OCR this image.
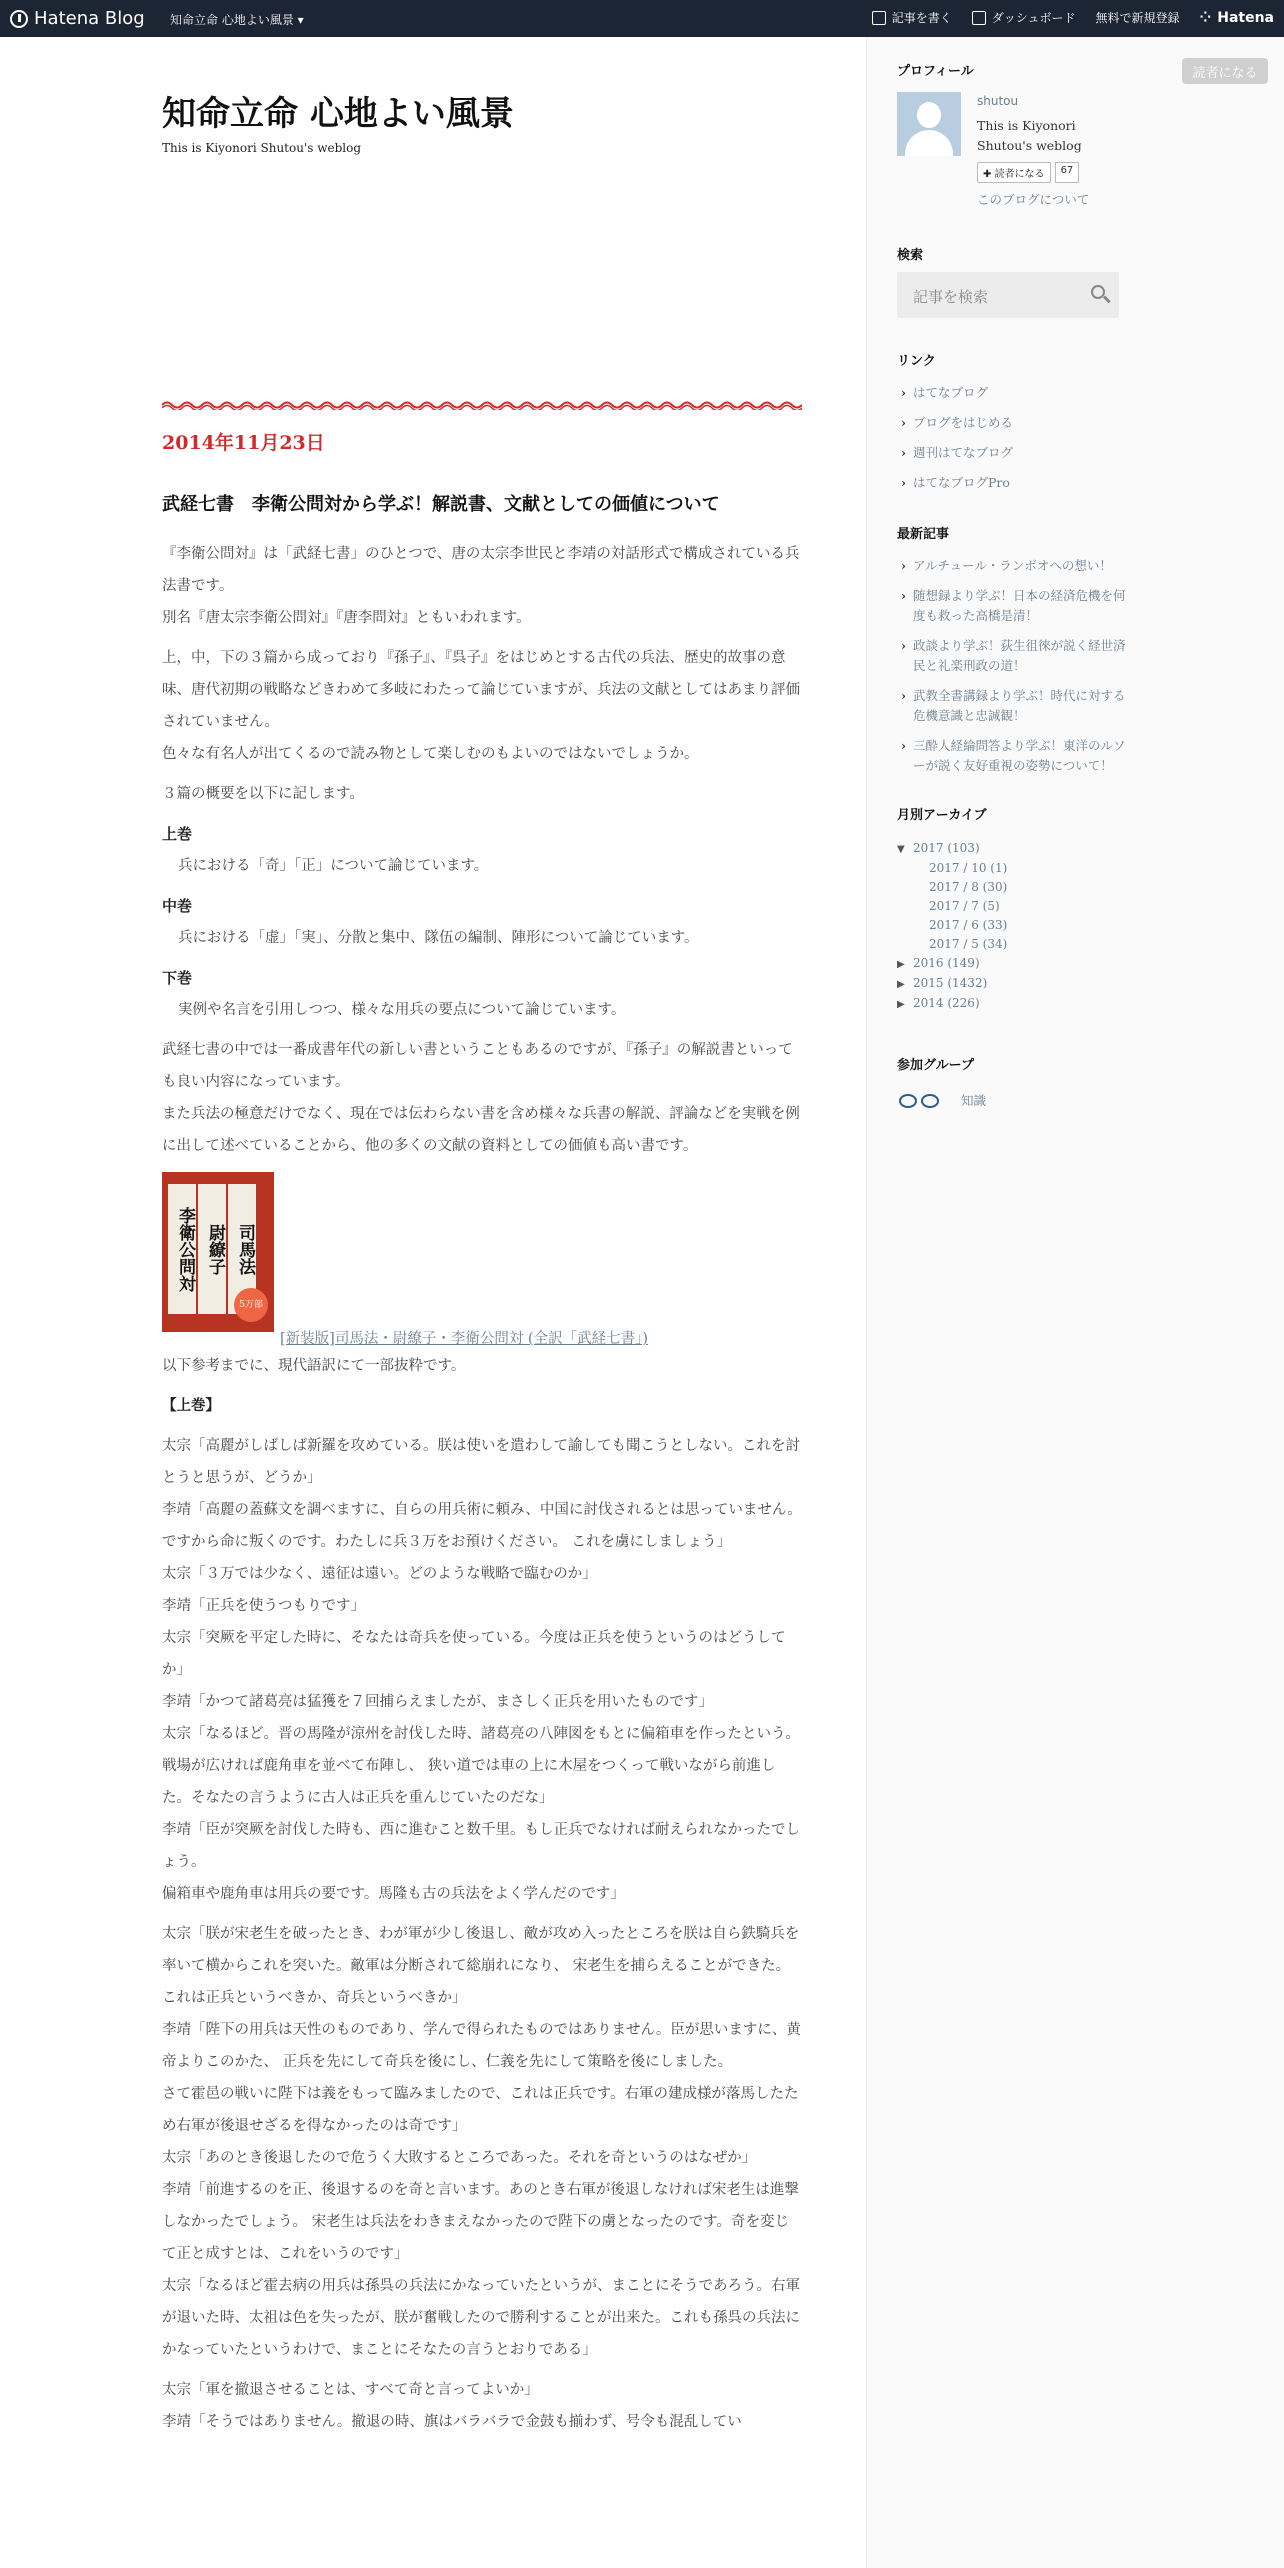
Hatena Blog 知命立命 心地よい風景 ▾	記事を書く	ダッシュボード 無料で新規登録 ⁘ Hatena
読者になる
知命立命 心地よい風景
This is Kiyonori Shutou's weblog
2014年11月23日
武経七書　李衛公問対から学ぶ！解説書、文献としての価値について

『李衛公問対』は「武経七書」のひとつで、唐の太宗李世民と李靖の対話形式で構成されている兵法書です。

別名『唐太宗李衛公問対』『唐李問対』ともいわれます。

上，中，下の３篇から成っており『孫子』、『呉子』をはじめとする古代の兵法、歴史的故事の意味、唐代初期の戦略などきわめて多岐にわたって論じていますが、兵法の文献としてはあまり評価されていません。

色々な有名人が出てくるので読み物として楽しむのもよいのではないでしょうか。

３篇の概要を以下に記します。

上巻

兵における「奇」「正」について論じています。

中巻

兵における「虚」「実」、分散と集中、隊伍の編制、陣形について論じています。

下巻

実例や名言を引用しつつ、様々な用兵の要点について論じています。

武経七書の中では一番成書年代の新しい書ということもあるのですが、『孫子』の解説書といっても良い内容になっています。

また兵法の極意だけでなく、現在では伝わらない書を含め様々な兵書の解説、評論などを実戦を例に出して述べていることから、他の多くの文献の資料としての価値も高い書です。

司馬法
尉繚子
李衛公問対
5万部
[新装版]司馬法・尉繚子・李衛公問対 (全訳「武経七書」)

以下参考までに、現代語訳にて一部抜粋です。

【上巻】

太宗「高麗がしばしば新羅を攻めている。朕は使いを遣わして諭しても聞こうとしない。これを討とうと思うが、どうか」

李靖「高麗の蓋蘇文を調べますに、自らの用兵術に頼み、中国に討伐されるとは思っていません。ですから命に叛くのです。わたしに兵３万をお預けください。 これを虜にしましょう」

太宗「３万では少なく、遠征は遠い。どのような戦略で臨むのか」

李靖「正兵を使うつもりです」

太宗「突厥を平定した時に、そなたは奇兵を使っている。今度は正兵を使うというのはどうしてか」

李靖「かつて諸葛亮は猛獲を７回捕らえましたが、まさしく正兵を用いたものです」

太宗「なるほど。晋の馬隆が涼州を討伐した時、諸葛亮の八陣図をもとに偏箱車を作ったという。戦場が広ければ鹿角車を並べて布陣し、 狭い道では車の上に木屋をつくって戦いながら前進した。そなたの言うように古人は正兵を重んじていたのだな」

李靖「臣が突厥を討伐した時も、西に進むこと数千里。もし正兵でなければ耐えられなかったでしょう。

偏箱車や鹿角車は用兵の要です。馬隆も古の兵法をよく学んだのです」

太宗「朕が宋老生を破ったとき、わが軍が少し後退し、敵が攻め入ったところを朕は自ら鉄騎兵を率いて横からこれを突いた。敵軍は分断されて総崩れになり、 宋老生を捕らえることができた。これは正兵というべきか、奇兵というべきか」

李靖「陛下の用兵は天性のものであり、学んで得られたものではありません。臣が思いますに、黄帝よりこのかた、 正兵を先にして奇兵を後にし、仁義を先にして策略を後にしました。

さて霍邑の戦いに陛下は義をもって臨みましたので、これは正兵です。右軍の建成様が落馬したため右軍が後退せざるを得なかったのは奇です」

太宗「あのとき後退したので危うく大敗するところであった。それを奇というのはなぜか」

李靖「前進するのを正、後退するのを奇と言います。あのとき右軍が後退しなければ宋老生は進撃しなかったでしょう。 宋老生は兵法をわきまえなかったので陛下の虜となったのです。奇を変じて正と成すとは、これをいうのです」

太宗「なるほど霍去病の用兵は孫呉の兵法にかなっていたというが、まことにそうであろう。右軍が退いた時、太祖は色を失ったが、朕が奮戦したので勝利することが出来た。これも孫呉の兵法にかなっていたというわけで、まことにそなたの言うとおりである」

太宗「軍を撤退させることは、すべて奇と言ってよいか」

李靖「そうではありません。撤退の時、旗はバラバラで金鼓も揃わず、号令も混乱してい

プロフィール
shutou
This is Kiyonori Shutou's weblog
✚ 読者になる	67
このブログについて
検索
記事を検索
リンク
› はてなブログ
› ブログをはじめる
› 週刊はてなブログ
› はてなブログPro
最新記事
› アルチュール・ランボオへの想い！
› 随想録より学ぶ！日本の経済危機を何度も救った高橋是清！
› 政談より学ぶ！荻生徂徠が説く経世済民と礼楽刑政の道！
› 武教全書講録より学ぶ！時代に対する危機意識と忠誠観！
› 三酔人経綸問答より学ぶ！東洋のルソーが説く友好重視の姿勢について！
月別アーカイブ
▼ 2017 (103)
2017 / 10 (1)
2017 / 8 (30)
2017 / 7 (5)
2017 / 6 (33)
2017 / 5 (34)
▶ 2016 (149)
▶ 2015 (1432)
▶ 2014 (226)
参加グループ
知識
